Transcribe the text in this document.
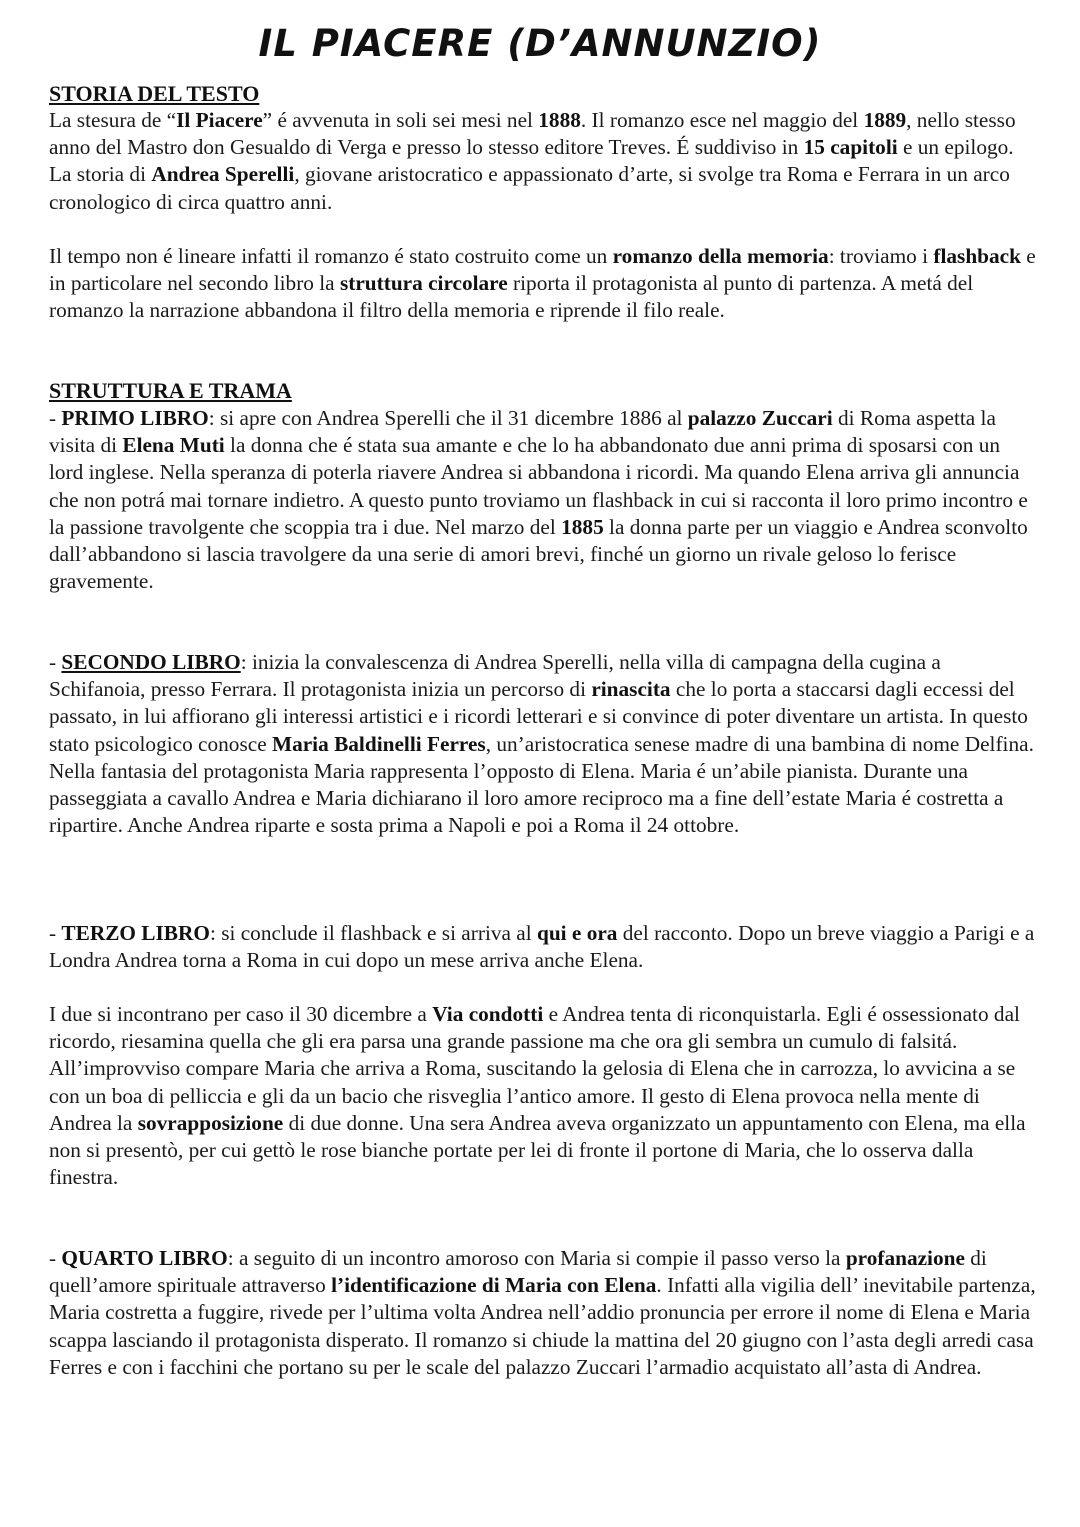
IL PIACERE (D’ANNUNZIO)
STORIA DEL TESTO
La stesura de “Il Piacere” é avvenuta in soli sei mesi nel 1888. Il romanzo esce nel maggio del 1889, nello stesso anno del Mastro don Gesualdo di Verga e presso lo stesso editore Treves. É suddiviso in 15 capitoli e un epilogo. La storia di Andrea Sperelli, giovane aristocratico e appassionato d’arte, si svolge tra Roma e Ferrara in un arco cronologico di circa quattro anni.
Il tempo non é lineare infatti il romanzo é stato costruito come un romanzo della memoria: troviamo i flashback e in particolare nel secondo libro la struttura circolare riporta il protagonista al punto di partenza. A metá del romanzo la narrazione abbandona il filtro della memoria e riprende il filo reale.
STRUTTURA E TRAMA
- PRIMO LIBRO: si apre con Andrea Sperelli che il 31 dicembre 1886 al palazzo Zuccari di Roma aspetta la visita di Elena Muti la donna che é stata sua amante e che lo ha abbandonato due anni prima di sposarsi con un lord inglese. Nella speranza di poterla riavere Andrea si abbandona i ricordi. Ma quando Elena arriva gli annuncia che non potrá mai tornare indietro. A questo punto troviamo un flashback in cui si racconta il loro primo incontro e la passione travolgente che scoppia tra i due. Nel marzo del 1885 la donna parte per un viaggio e Andrea sconvolto dall’abbandono si lascia travolgere da una serie di amori brevi, finché un giorno un rivale geloso lo ferisce gravemente.
- SECONDO LIBRO: inizia la convalescenza di Andrea Sperelli, nella villa di campagna della cugina a Schifanoia, presso Ferrara. Il protagonista inizia un percorso di rinascita che lo porta a staccarsi dagli eccessi del passato, in lui affiorano gli interessi artistici e i ricordi letterari e si convince di poter diventare un artista. In questo stato psicologico conosce Maria Baldinelli Ferres, un’aristocratica senese madre di una bambina di nome Delfina. Nella fantasia del protagonista Maria rappresenta l’opposto di Elena. Maria é un’abile pianista. Durante una passeggiata a cavallo Andrea e Maria dichiarano il loro amore reciproco ma a fine dell’estate Maria é costretta a ripartire. Anche Andrea riparte e sosta prima a Napoli e poi a Roma il 24 ottobre.
- TERZO LIBRO: si conclude il flashback e si arriva al qui e ora del racconto. Dopo un breve viaggio a Parigi e a Londra Andrea torna a Roma in cui dopo un mese arriva anche Elena.
I due si incontrano per caso il 30 dicembre a Via condotti e Andrea tenta di riconquistarla. Egli é ossessionato dal ricordo, riesamina quella che gli era parsa una grande passione ma che ora gli sembra un cumulo di falsitá. All’improvviso compare Maria che arriva a Roma, suscitando la gelosia di Elena che in carrozza, lo avvicina a se con un boa di pelliccia e gli da un bacio che risveglia l’antico amore. Il gesto di Elena provoca nella mente di Andrea la sovrapposizione di due donne. Una sera Andrea aveva organizzato un appuntamento con Elena, ma ella non si presentò, per cui gettò le rose bianche portate per lei di fronte il portone di Maria, che lo osserva dalla finestra.
- QUARTO LIBRO: a seguito di un incontro amoroso con Maria si compie il passo verso la profanazione di quell’amore spirituale attraverso l’identificazione di Maria con Elena. Infatti alla vigilia dell’ inevitabile partenza, Maria costretta a fuggire, rivede per l’ultima volta Andrea nell’addio pronuncia per errore il nome di Elena e Maria scappa lasciando il protagonista disperato. Il romanzo si chiude la mattina del 20 giugno con l’asta degli arredi casa Ferres e con i facchini che portano su per le scale del palazzo Zuccari l’armadio acquistato all’asta di Andrea.
